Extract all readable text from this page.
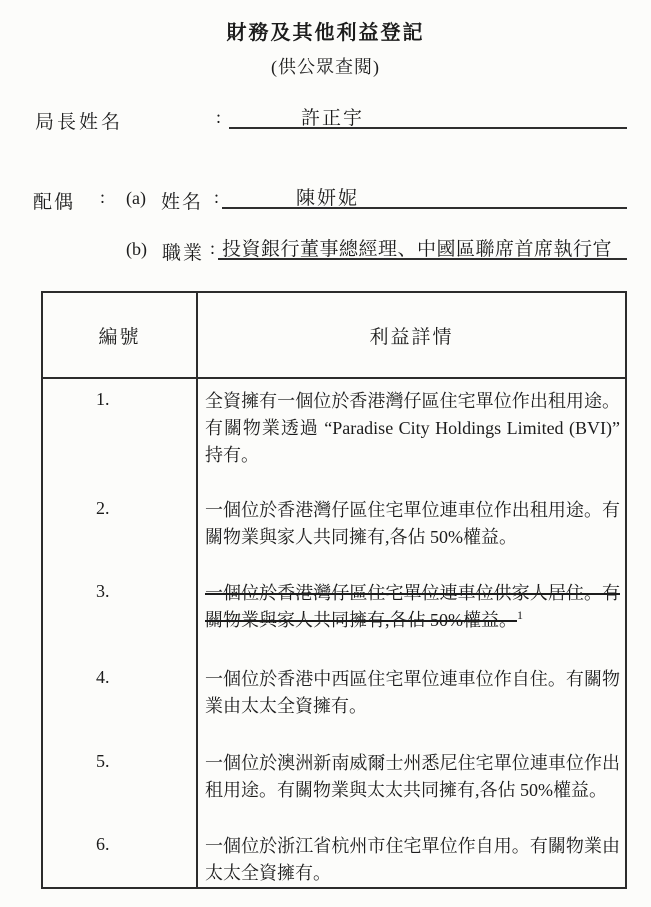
財務及其他利益登記
(供公眾查閱)
局長姓名	:	許正宇
配偶 : (a) 姓名 :	陳妍妮
(b) 職業 : 投資銀行董事總經理、中國區聯席首席執行官
編號	利益詳情
1.	全資擁有一個位於香港灣仔區住宅單位作出租用途。有關物業透過 “Paradise City Holdings Limited (BVI)” 持有。
2.	一個位於香港灣仔區住宅單位連車位作出租用途。有關物業與家人共同擁有,各佔 50%權益。
3.	一個位於香港灣仔區住宅單位連車位供家人居住。有關物業與家人共同擁有,各佔 50%權益。$^1$
4.	一個位於香港中西區住宅單位連車位作自住。有關物業由太太全資擁有。
5.	一個位於澳洲新南威爾士州悉尼住宅單位連車位作出租用途。有關物業與太太共同擁有,各佔 50%權益。
6.	一個位於浙江省杭州市住宅單位作自用。有關物業由太太全資擁有。
